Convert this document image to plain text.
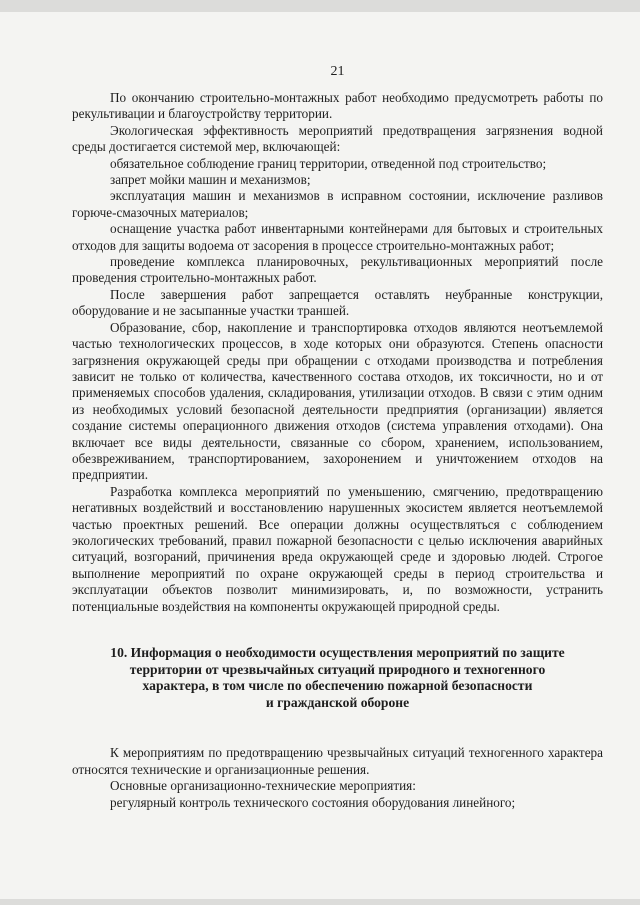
21

По окончанию строительно-монтажных работ необходимо предусмотреть работы по рекультивации и благоустройству территории.

Экологическая эффективность мероприятий предотвращения загрязнения водной среды достигается системой мер, включающей:

обязательное соблюдение границ территории, отведенной под строительство;

запрет мойки машин и механизмов;

эксплуатация машин и механизмов в исправном состоянии, исключение разливов горюче-смазочных материалов;

оснащение участка работ инвентарными контейнерами для бытовых и строительных отходов для защиты водоема от засорения в процессе строительно-монтажных работ;

проведение комплекса планировочных, рекультивационных мероприятий после проведения строительно-монтажных работ.

После завершения работ запрещается оставлять неубранные конструкции, оборудование и не засыпанные участки траншей.

Образование, сбор, накопление и транспортировка отходов являются неотъемлемой частью технологических процессов, в ходе которых они образуются. Степень опасности загрязнения окружающей среды при обращении с отходами производства и потребления зависит не только от количества, качественного состава отходов, их токсичности, но и от применяемых способов удаления, складирования, утилизации отходов. В связи с этим одним из необходимых условий безопасной деятельности предприятия (организации) является создание системы операционного движения отходов (система управления отходами). Она включает все виды деятельности, связанные со сбором, хранением, использованием, обезвреживанием, транспортированием, захоронением и уничтожением отходов на предприятии.

Разработка комплекса мероприятий по уменьшению, смягчению, предотвращению негативных воздействий и восстановлению нарушенных экосистем является неотъемлемой частью проектных решений. Все операции должны осуществляться с соблюдением экологических требований, правил пожарной безопасности с целью исключения аварийных ситуаций, возгораний, причинения вреда окружающей среде и здоровью людей. Строгое выполнение мероприятий по охране окружающей среды в период строительства и эксплуатации объектов позволит минимизировать, и, по возможности, устранить потенциальные воздействия на компоненты окружающей природной среды.

10. Информация о необходимости осуществления мероприятий по защите
территории от чрезвычайных ситуаций природного и техногенного
характера, в том числе по обеспечению пожарной безопасности
и гражданской обороне

К мероприятиям по предотвращению чрезвычайных ситуаций техногенного характера относятся технические и организационные решения.

Основные организационно-технические мероприятия:

регулярный контроль технического состояния оборудования линейного;
